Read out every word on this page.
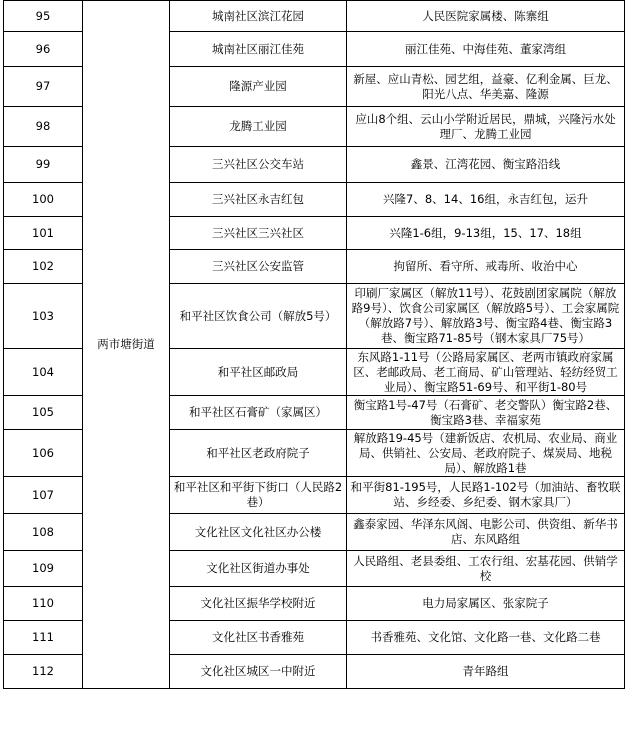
95	两市塘街道	城南社区滨江花园	人民医院家属楼、陈寨组
96		城南社区丽江佳苑	丽江佳苑、中海佳苑、董家湾组
97		隆源产业园	新屋、应山青松、园艺组，益豪、亿利金属、巨龙、阳光八点、华美嘉、隆源
98		龙腾工业园	应山8个组、云山小学附近居民，鼎城，兴隆污水处理厂、龙腾工业园
99		三兴社区公交车站	鑫景、江湾花园、衡宝路沿线
100		三兴社区永吉红包	兴隆7、8、14、16组，永吉红包，运升
101		三兴社区三兴社区	兴隆1-6组，9-13组，15、17、18组
102		三兴社区公安监管	拘留所、看守所、戒毒所、收治中心
103		和平社区饮食公司（解放5号）	印刷厂家属区（解放11号）、花鼓剧团家属院（解放路9号）、饮食公司家属区（解放路5号）、工会家属院（解放路7号）、解放路3号、衡宝路4巷、衡宝路3巷、衡宝路71-85号（钢木家具厂75号）
104		和平社区邮政局	东风路1-11号（公路局家属区、老两市镇政府家属区、老邮政局、老工商局、矿山管理站、轻纺经贸工业局）、衡宝路51-69号、和平街1-80号
105		和平社区石膏矿（家属区）	衡宝路1号-47号（石膏矿、老交警队）衡宝路2巷、衡宝路3巷、幸福家苑
106		和平社区老政府院子	解放路19-45号（建新饭店、农机局、农业局、商业局、供销社、公安局、老政府院子、煤炭局、地税局）、解放路1巷
107		和平社区和平街下街口（人民路2巷）	和平街81-195号，人民路1-102号（加油站、畜牧联站、乡经委、乡纪委、钢木家具厂）
108		文化社区文化社区办公楼	鑫泰家园、华泽东风阁、电影公司、供资组、新华书店、东风路组
109		文化社区街道办事处	人民路组、老县委组、工农行组、宏基花园、供销学校
110		文化社区振华学校附近	电力局家属区、张家院子
111		文化社区书香雅苑	书香雅苑、文化馆、文化路一巷、文化路二巷
112		文化社区城区一中附近	青年路组
